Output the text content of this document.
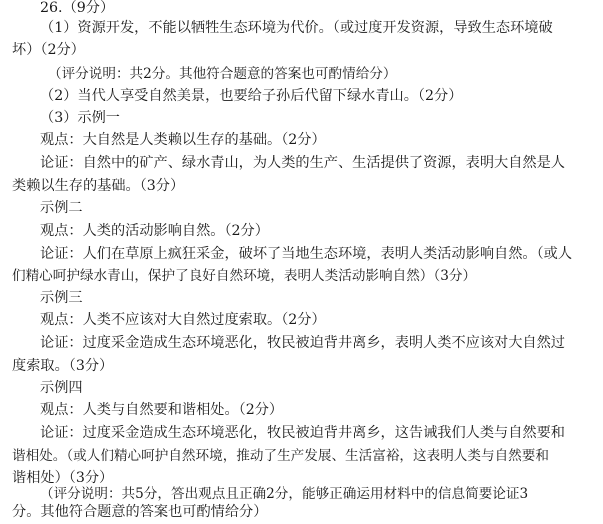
26.（9分）
（1）资源开发，不能以牺牲生态环境为代价。（或过度开发资源，导致生态环境破
坏）（2分）
（评分说明：共2分。其他符合题意的答案也可酌情给分）
（2）当代人享受自然美景，也要给子孙后代留下绿水青山。（2分）
（3）示例一
观点：大自然是人类赖以生存的基础。（2分）
论证：自然中的矿产、绿水青山，为人类的生产、生活提供了资源，表明大自然是人
类赖以生存的基础。（3分）
示例二
观点：人类的活动影响自然。（2分）
论证：人们在草原上疯狂采金，破坏了当地生态环境，表明人类活动影响自然。（或人
们精心呵护绿水青山，保护了良好自然环境，表明人类活动影响自然）（3分）
示例三
观点：人类不应该对大自然过度索取。（2分）
论证：过度采金造成生态环境恶化，牧民被迫背井离乡，表明人类不应该对大自然过
度索取。（3分）
示例四
观点：人类与自然要和谐相处。（2分）
论证：过度采金造成生态环境恶化，牧民被迫背井离乡，这告诫我们人类与自然要和
谐相处。（或人们精心呵护自然环境，推动了生产发展、生活富裕，这表明人类与自然要和
谐相处）（3分）
（评分说明：共5分，答出观点且正确2分，能够正确运用材料中的信息简要论证3
分。其他符合题意的答案也可酌情给分）
